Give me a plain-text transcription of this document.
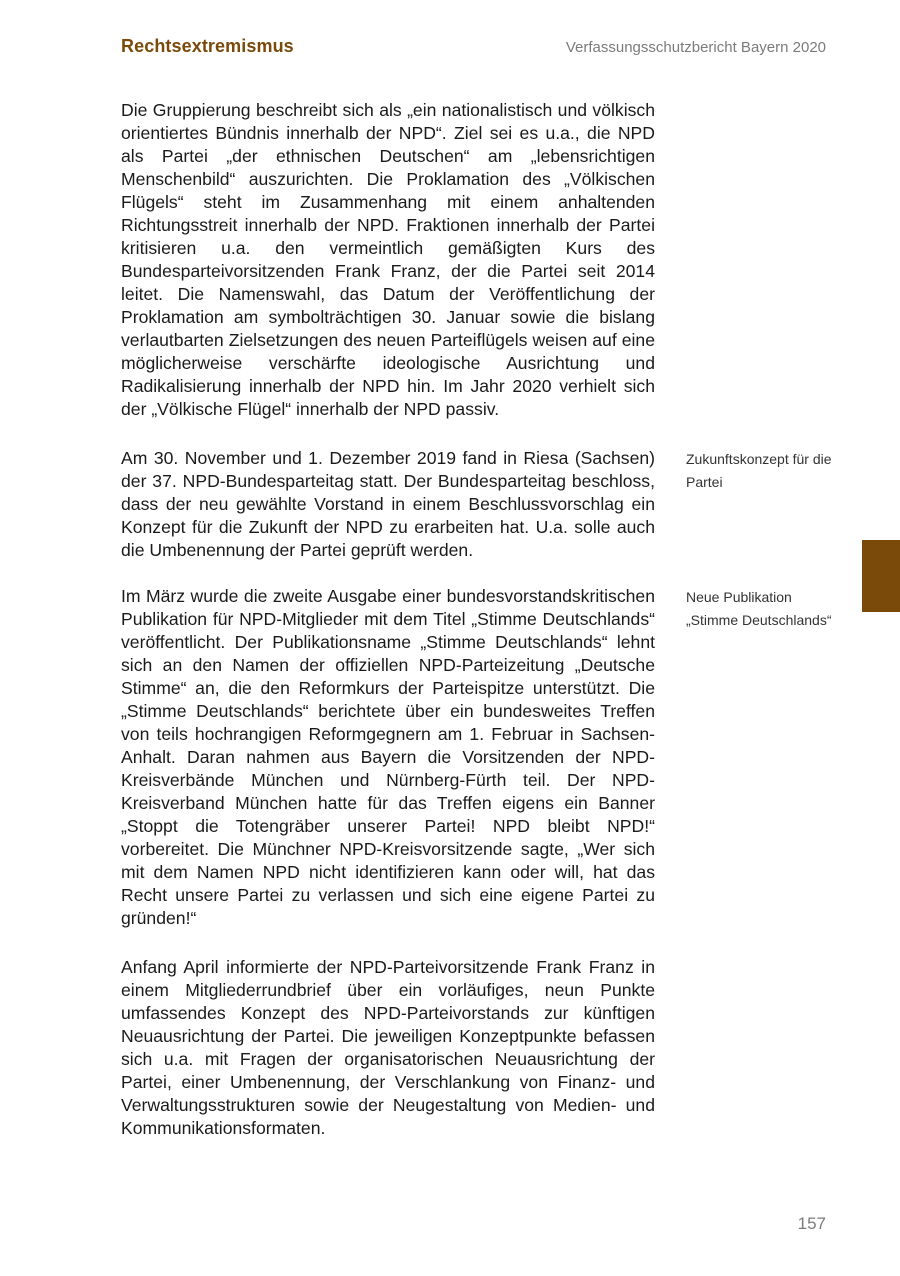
Rechtsextremismus	Verfassungsschutzbericht Bayern 2020

Die Gruppierung beschreibt sich als „ein nationalistisch und völkisch orientiertes Bündnis innerhalb der NPD“. Ziel sei es u.a., die NPD als Partei „der ethnischen Deutschen“ am „lebensrichtigen Menschenbild“ auszurichten. Die Proklamation des „Völkischen Flügels“ steht im Zusammenhang mit einem anhaltenden Richtungsstreit innerhalb der NPD. Fraktionen innerhalb der Partei kritisieren u.a. den vermeintlich gemäßigten Kurs des Bundesparteivorsitzenden Frank Franz, der die Partei seit 2014 leitet. Die Namenswahl, das Datum der Veröffentlichung der Proklamation am symbolträchtigen 30. Januar sowie die bislang verlautbarten Zielsetzungen des neuen Parteiflügels weisen auf eine möglicherweise verschärfte ideologische Ausrichtung und Radikalisierung innerhalb der NPD hin. Im Jahr 2020 verhielt sich der „Völkische Flügel“ innerhalb der NPD passiv.

Am 30. November und 1. Dezember 2019 fand in Riesa (Sachsen) der 37. NPD-Bundesparteitag statt. Der Bundesparteitag beschloss, dass der neu gewählte Vorstand in einem Beschlussvorschlag ein Konzept für die Zukunft der NPD zu erarbeiten hat. U.a. solle auch die Umbenennung der Partei geprüft werden.

Im März wurde die zweite Ausgabe einer bundesvorstandskritischen Publikation für NPD-Mitglieder mit dem Titel „Stimme Deutschlands“ veröffentlicht. Der Publikationsname „Stimme Deutschlands“ lehnt sich an den Namen der offiziellen NPD-Parteizeitung „Deutsche Stimme“ an, die den Reformkurs der Parteispitze unterstützt. Die „Stimme Deutschlands“ berichtete über ein bundesweites Treffen von teils hochrangigen Reformgegnern am 1. Februar in Sachsen-Anhalt. Daran nahmen aus Bayern die Vorsitzenden der NPD-Kreisverbände München und Nürnberg-Fürth teil. Der NPD-Kreisverband München hatte für das Treffen eigens ein Banner „Stoppt die Totengräber unserer Partei! NPD bleibt NPD!“ vorbereitet. Die Münchner NPD-Kreisvorsitzende sagte, „Wer sich mit dem Namen NPD nicht identifizieren kann oder will, hat das Recht unsere Partei zu verlassen und sich eine eigene Partei zu gründen!“

Anfang April informierte der NPD-Parteivorsitzende Frank Franz in einem Mitgliederrundbrief über ein vorläufiges, neun Punkte umfassendes Konzept des NPD-Parteivorstands zur künftigen Neuausrichtung der Partei. Die jeweiligen Konzeptpunkte befassen sich u.a. mit Fragen der organisatorischen Neuausrichtung der Partei, einer Umbenennung, der Verschlankung von Finanz- und Verwaltungsstrukturen sowie der Neugestaltung von Medien- und Kommunikationsformaten.

Zukunftskonzept für die Partei

Neue Publikation „Stimme Deutschlands“

157
